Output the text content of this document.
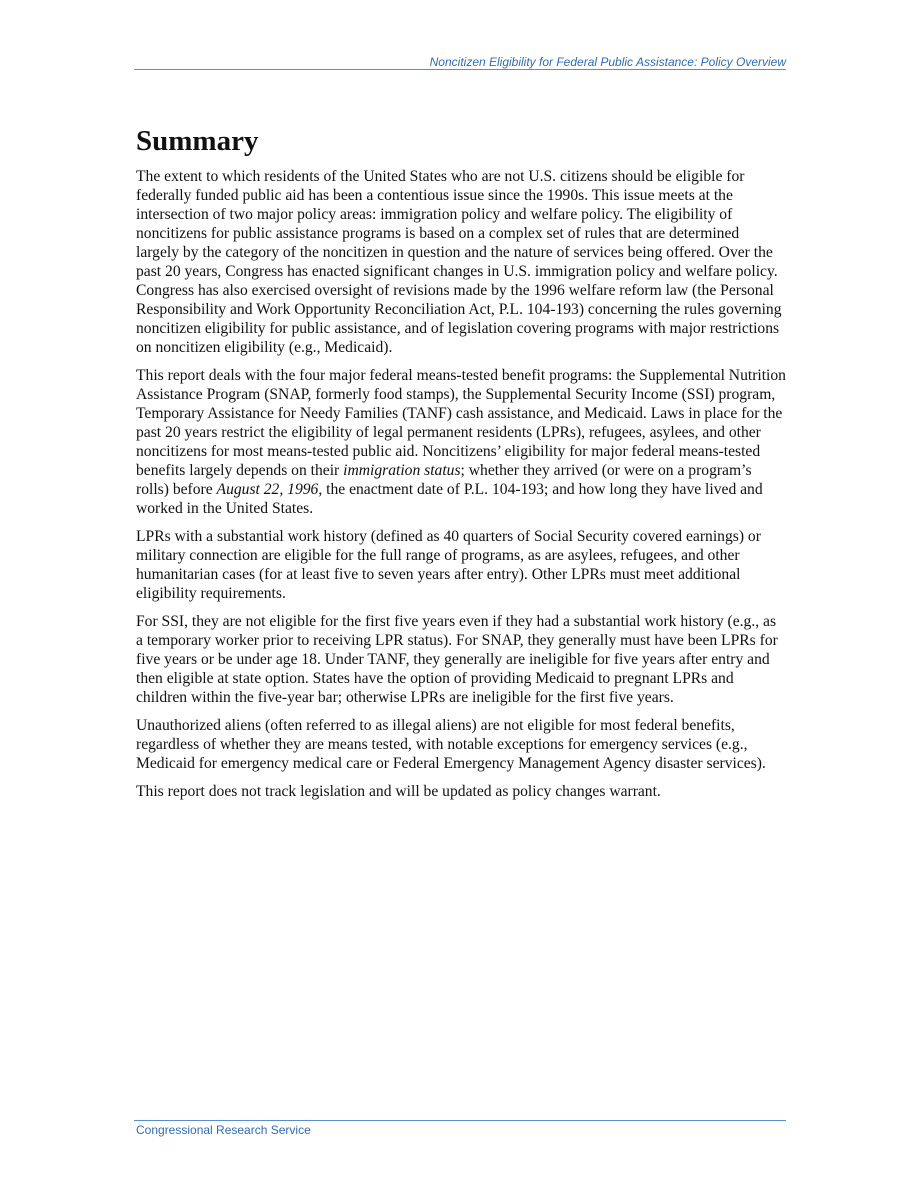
Noncitizen Eligibility for Federal Public Assistance: Policy Overview
Summary

The extent to which residents of the United States who are not U.S. citizens should be eligible for federally funded public aid has been a contentious issue since the 1990s. This issue meets at the intersection of two major policy areas: immigration policy and welfare policy. The eligibility of noncitizens for public assistance programs is based on a complex set of rules that are determined largely by the category of the noncitizen in question and the nature of services being offered. Over the past 20 years, Congress has enacted significant changes in U.S. immigration policy and welfare policy. Congress has also exercised oversight of revisions made by the 1996 welfare reform law (the Personal Responsibility and Work Opportunity Reconciliation Act, P.L. 104-193) concerning the rules governing noncitizen eligibility for public assistance, and of legislation covering programs with major restrictions on noncitizen eligibility (e.g., Medicaid).

This report deals with the four major federal means-tested benefit programs: the Supplemental Nutrition Assistance Program (SNAP, formerly food stamps), the Supplemental Security Income (SSI) program, Temporary Assistance for Needy Families (TANF) cash assistance, and Medicaid. Laws in place for the past 20 years restrict the eligibility of legal permanent residents (LPRs), refugees, asylees, and other noncitizens for most means-tested public aid. Noncitizens’ eligibility for major federal means-tested benefits largely depends on their immigration status; whether they arrived (or were on a program’s rolls) before August 22, 1996, the enactment date of P.L. 104-193; and how long they have lived and worked in the United States.

LPRs with a substantial work history (defined as 40 quarters of Social Security covered earnings) or military connection are eligible for the full range of programs, as are asylees, refugees, and other humanitarian cases (for at least five to seven years after entry). Other LPRs must meet additional eligibility requirements.

For SSI, they are not eligible for the first five years even if they had a substantial work history (e.g., as a temporary worker prior to receiving LPR status). For SNAP, they generally must have been LPRs for five years or be under age 18. Under TANF, they generally are ineligible for five years after entry and then eligible at state option. States have the option of providing Medicaid to pregnant LPRs and children within the five-year bar; otherwise LPRs are ineligible for the first five years.

Unauthorized aliens (often referred to as illegal aliens) are not eligible for most federal benefits, regardless of whether they are means tested, with notable exceptions for emergency services (e.g., Medicaid for emergency medical care or Federal Emergency Management Agency disaster services).

This report does not track legislation and will be updated as policy changes warrant.

Congressional Research Service
